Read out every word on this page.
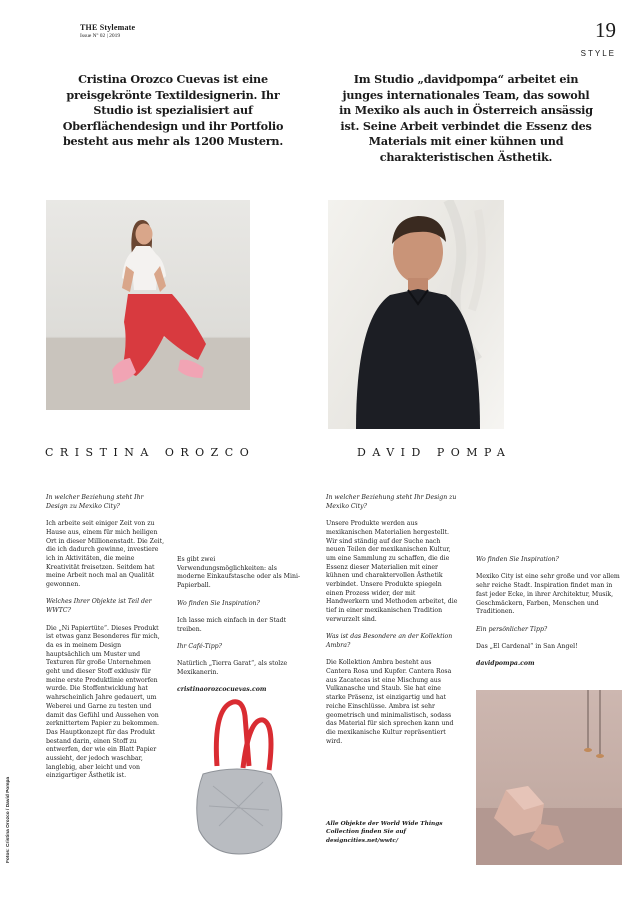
THE Stylemate
Issue Nº 02 | 2019	19
STYLE
Cristina Orozco Cuevas ist eine preisgekrönte Textildesignerin. Ihr Studio ist spezialisiert auf Oberflächendesign und ihr Portfolio besteht aus mehr als 1200 Mustern.
Im Studio „davidpompa“ arbeitet ein junges internationales Team, das sowohl in Mexiko als auch in Österreich ansässig ist. Seine Arbeit verbindet die Essenz des Materials mit einer kühnen und charakteristischen Ästhetik.
CRISTINA OROZCO	DAVID POMPA

In welcher Beziehung steht Ihr Design zu Mexiko City?

Ich arbeite seit einiger Zeit von zu Hause aus, einem für mich heiligen Ort in dieser Millionenstadt. Die Zeit, die ich dadurch gewinne, investiere ich in Aktivitäten, die meine Kreativität freisetzen. Seitdem hat meine Arbeit noch mal an Qualität gewonnen.

Welches Ihrer Objekte ist Teil der WWTC?

Die „Ni Papiertüte“. Dieses Produkt ist etwas ganz Besonderes für mich, da es in meinem Design hauptsächlich um Muster und Texturen für große Unternehmen geht und dieser Stoff exklusiv für meine erste Produktlinie entworfen wurde. Die Stoffentwicklung hat wahrscheinlich Jahre gedauert, um Weberei und Garne zu testen und damit das Gefühl und Aussehen von zerknittertem Papier zu bekommen. Das Hauptkonzept für das Produkt bestand darin, einen Stoff zu entwerfen, der wie ein Blatt Papier aussieht, der jedoch waschbar, langlebig, aber leicht und von einzigartiger Ästhetik ist.

Es gibt zwei Verwendungsmöglichkeiten: als moderne Einkaufstasche oder als Mini-Papierball.

Wo finden Sie Inspiration?

Ich lasse mich einfach in der Stadt treiben.

Ihr Café-Tipp?

Natürlich „Tierra Garat“, als stolze Mexikanerin.

cristinaorozcocuevas.com

In welcher Beziehung steht Ihr Design zu Mexiko City?

Unsere Produkte werden aus mexikanischen Materialien hergestellt. Wir sind ständig auf der Suche nach neuen Teilen der mexikanischen Kultur, um eine Sammlung zu schaffen, die die Essenz dieser Materialien mit einer kühnen und charaktervollen Ästhetik verbindet. Unsere Produkte spiegeln einen Prozess wider, der mit Handwerkern und Methoden arbeitet, die tief in einer mexikanischen Tradition verwurzelt sind.

Was ist das Besondere an der Kollektion Ambra?

Die Kollektion Ambra besteht aus Cantera Rosa und Kupfer. Cantera Rosa aus Zacatecas ist eine Mischung aus Vulkanasche und Staub. Sie hat eine starke Präsenz, ist einzigartig und hat reiche Einschlüsse. Ambra ist sehr geometrisch und minimalistisch, sodass das Material für sich sprechen kann und die mexikanische Kultur repräsentiert wird.

Wo finden Sie Inspiration?

Mexiko City ist eine sehr große und vor allem sehr reiche Stadt. Inspiration findet man in fast jeder Ecke, in ihrer Architektur, Musik, Geschmäckern, Farben, Menschen und Traditionen.

Ein persönlicher Tipp?

Das „El Cardenal“ in San Angel!

davidpompa.com

Alle Objekte der World Wide Things Collection finden Sie auf designcities.net/wwtc/
Fotos: Cristina Orozco / David Pompa
